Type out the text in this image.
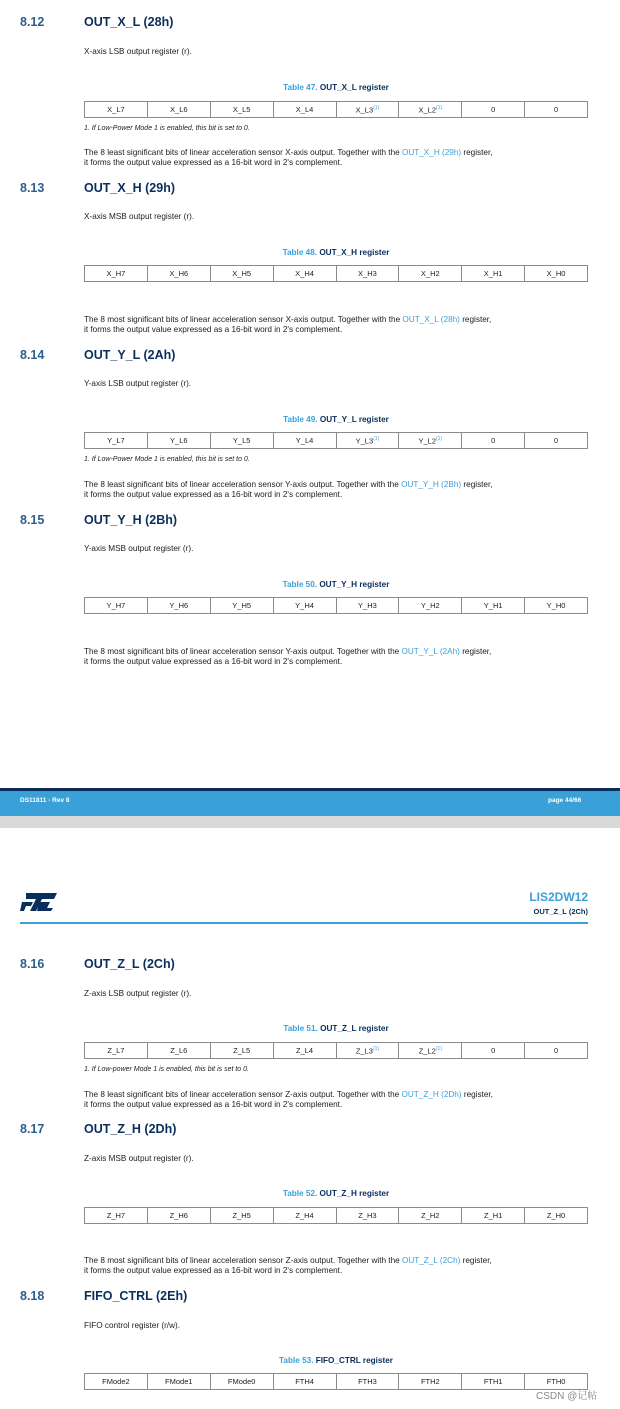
8.12	OUT_X_L (28h)
X-axis LSB output register (r).
Table 47. OUT_X_L register
X_L7	X_L6	X_L5	X_L4	X_L3$^{(1)}$	X_L2$^{(1)}$	0	0
1. If Low-Power Mode 1 is enabled, this bit is set to 0.
The 8 least significant bits of linear acceleration sensor X-axis output. Together with the OUT_X_H (29h) register,
it forms the output value expressed as a 16-bit word in 2's complement.
8.13	OUT_X_H (29h)
X-axis MSB output register (r).
Table 48. OUT_X_H register
X_H7	X_H6	X_H5	X_H4	X_H3	X_H2	X_H1	X_H0
The 8 most significant bits of linear acceleration sensor X-axis output. Together with the OUT_X_L (28h) register,
it forms the output value expressed as a 16-bit word in 2's complement.
8.14	OUT_Y_L (2Ah)
Y-axis LSB output register (r).
Table 49. OUT_Y_L register
Y_L7	Y_L6	Y_L5	Y_L4	Y_L3$^{(1)}$	Y_L2$^{(1)}$	0	0
1. If Low-Power Mode 1 is enabled, this bit is set to 0.
The 8 least significant bits of linear acceleration sensor Y-axis output. Together with the OUT_Y_H (2Bh) register,
it forms the output value expressed as a 16-bit word in 2's complement.
8.15	OUT_Y_H (2Bh)
Y-axis MSB output register (r).
Table 50. OUT_Y_H register
Y_H7	Y_H6	Y_H5	Y_H4	Y_H3	Y_H2	Y_H1	Y_H0
The 8 most significant bits of linear acceleration sensor Y-axis output. Together with the OUT_Y_L (2Ah) register,
it forms the output value expressed as a 16-bit word in 2's complement.
DS11811 - Rev 8	page 44/66
LIS2DW12
OUT_Z_L (2Ch)
8.16	OUT_Z_L (2Ch)
Z-axis LSB output register (r).
Table 51. OUT_Z_L register
Z_L7	Z_L6	Z_L5	Z_L4	Z_L3$^{(1)}$	Z_L2$^{(1)}$	0	0
1. If Low-power Mode 1 is enabled, this bit is set to 0.
The 8 least significant bits of linear acceleration sensor Z-axis output. Together with the OUT_Z_H (2Dh) register,
it forms the output value expressed as a 16-bit word in 2's complement.
8.17	OUT_Z_H (2Dh)
Z-axis MSB output register (r).
Table 52. OUT_Z_H register
Z_H7	Z_H6	Z_H5	Z_H4	Z_H3	Z_H2	Z_H1	Z_H0
The 8 most significant bits of linear acceleration sensor Z-axis output. Together with the OUT_Z_L (2Ch) register,
it forms the output value expressed as a 16-bit word in 2's complement.
8.18	FIFO_CTRL (2Eh)
FIFO control register (r/w).
Table 53. FIFO_CTRL register
FMode2	FMode1	FMode0	FTH4	FTH3	FTH2	FTH1	FTH0
CSDN @记帖
